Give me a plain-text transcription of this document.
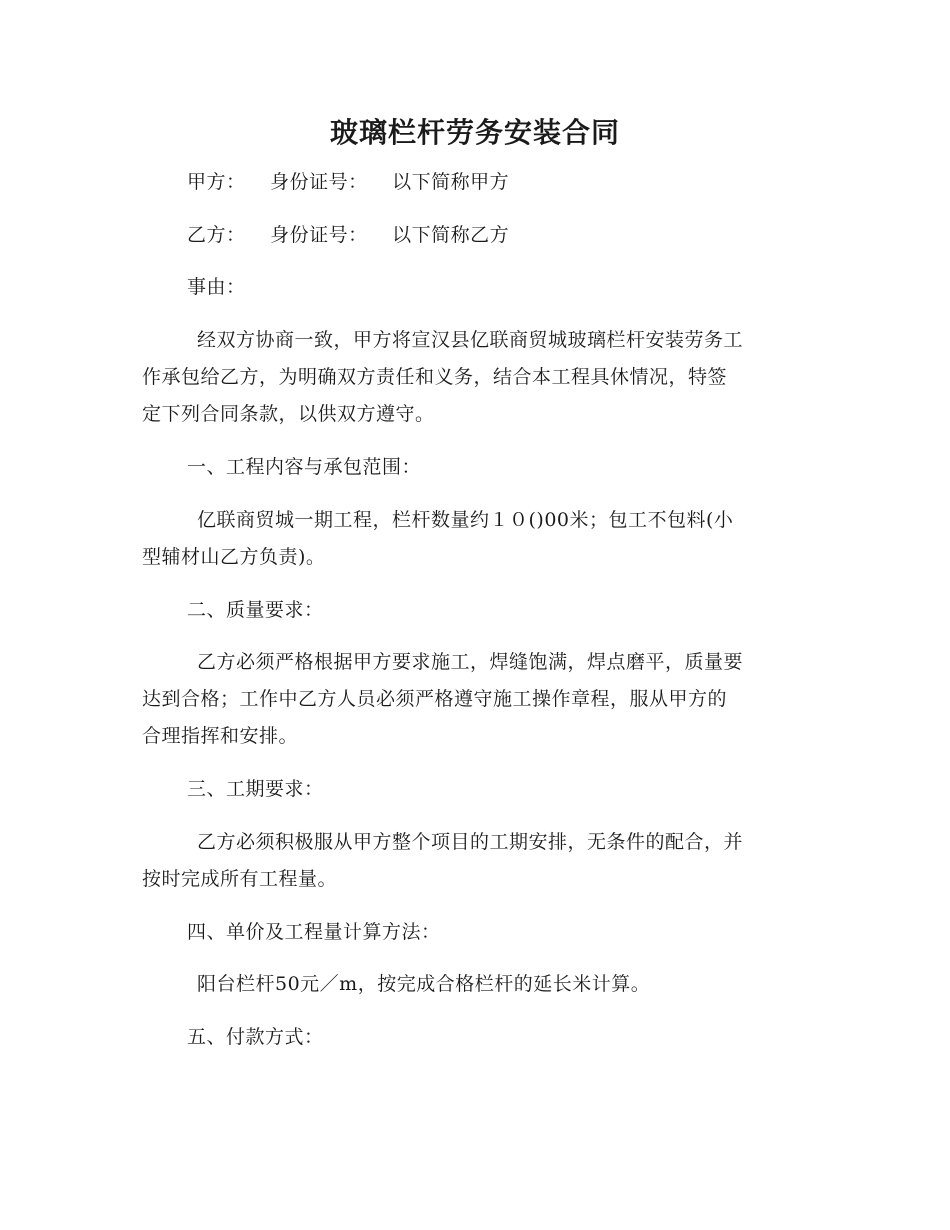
玻璃栏杆劳务安装合同

甲方： 身份证号： 以下简称甲方

乙方： 身份证号： 以下简称乙方

事由：

经双方协商一致，甲方将宣汉县亿联商贸城玻璃栏杆安装劳务工

作承包给乙方，为明确双方责任和义务，结合本工程具休情况，特签

定下列合同条款，以供双方遵守。

一、工程内容与承包范围：

亿联商贸城一期工程，栏杆数量约１０()00米；包工不包料(小

型辅材山乙方负责)。

二、质量要求：

乙方必须严格根据甲方要求施工，焊缝饱满，焊点磨平，质量要

达到合格；工作中乙方人员必须严格遵守施工操作章程，服从甲方的

合理指挥和安排。

三、工期要求：

乙方必须积极服从甲方整个项目的工期安排，无条件的配合，并

按时完成所有工程量。

四、单价及工程量计算方法：

阳台栏杆50元／m，按完成合格栏杆的延长米计算。

五、付款方式：
